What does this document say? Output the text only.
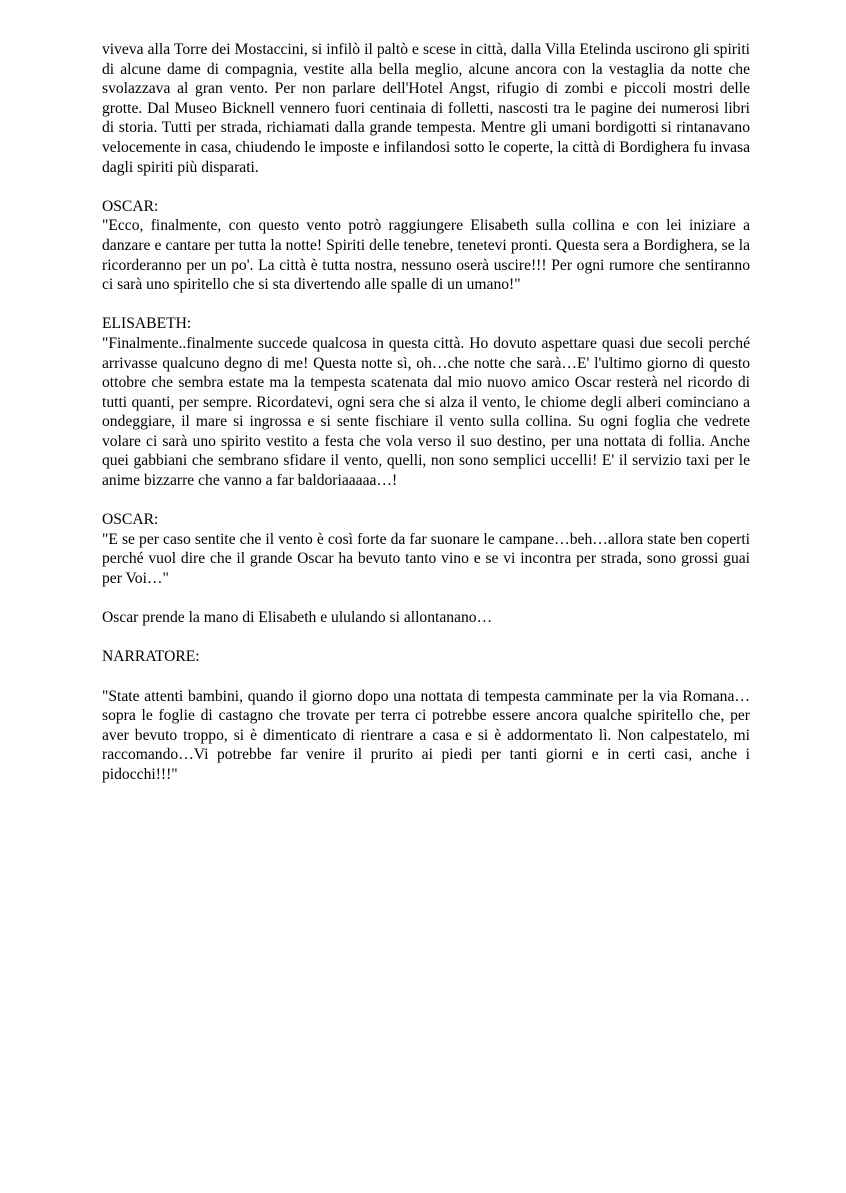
viveva alla Torre dei Mostaccini, si infilò il paltò e scese in città, dalla Villa Etelinda uscirono gli spiriti di alcune dame di compagnia, vestite alla bella meglio, alcune ancora con la vestaglia da notte che svolazzava al gran vento. Per non parlare dell'Hotel Angst, rifugio di zombi e piccoli mostri delle grotte. Dal Museo Bicknell vennero fuori centinaia di folletti, nascosti tra le pagine dei numerosi libri di storia. Tutti per strada, richiamati dalla grande tempesta. Mentre gli umani bordigotti si rintanavano velocemente in casa, chiudendo le imposte e infilandosi sotto le coperte, la città di Bordighera fu invasa dagli spiriti più disparati.

OSCAR:

"Ecco, finalmente, con questo vento potrò raggiungere Elisabeth sulla collina e con lei iniziare a danzare e cantare per tutta la notte! Spiriti delle tenebre, tenetevi pronti. Questa sera a Bordighera, se la ricorderanno per un po'. La città è tutta nostra, nessuno oserà uscire!!! Per ogni rumore che sentiranno ci sarà uno spiritello che si sta divertendo alle spalle di un umano!"

ELISABETH:

"Finalmente..finalmente succede qualcosa in questa città. Ho dovuto aspettare quasi due secoli perché arrivasse qualcuno degno di me! Questa notte sì, oh…che notte che sarà…E' l'ultimo giorno di questo ottobre che sembra estate ma la tempesta scatenata dal mio nuovo amico Oscar resterà nel ricordo di tutti quanti, per sempre. Ricordatevi, ogni sera che si alza il vento, le chiome degli alberi cominciano a ondeggiare, il mare si ingrossa e si sente fischiare il vento sulla collina. Su ogni foglia che vedrete volare ci sarà uno spirito vestito a festa che vola verso il suo destino, per una nottata di follia. Anche quei gabbiani che sembrano sfidare il vento, quelli, non sono semplici uccelli! E' il servizio taxi per le anime bizzarre che vanno a far baldoriaaaaa…!

OSCAR:

"E se per caso sentite che il vento è così forte da far suonare le campane…beh…allora state ben coperti perché vuol dire che il grande Oscar ha bevuto tanto vino e se vi incontra per strada, sono grossi guai per Voi…"

Oscar prende la mano di Elisabeth e ululando si allontanano…

NARRATORE:

"State attenti bambini, quando il giorno dopo una nottata di tempesta camminate per la via Romana…sopra le foglie di castagno che trovate per terra ci potrebbe essere ancora qualche spiritello che, per aver bevuto troppo, si è dimenticato di rientrare a casa e si è addormentato lì. Non calpestatelo, mi raccomando…Vi potrebbe far venire il prurito ai piedi per tanti giorni e in certi casi, anche i pidocchi!!!"
